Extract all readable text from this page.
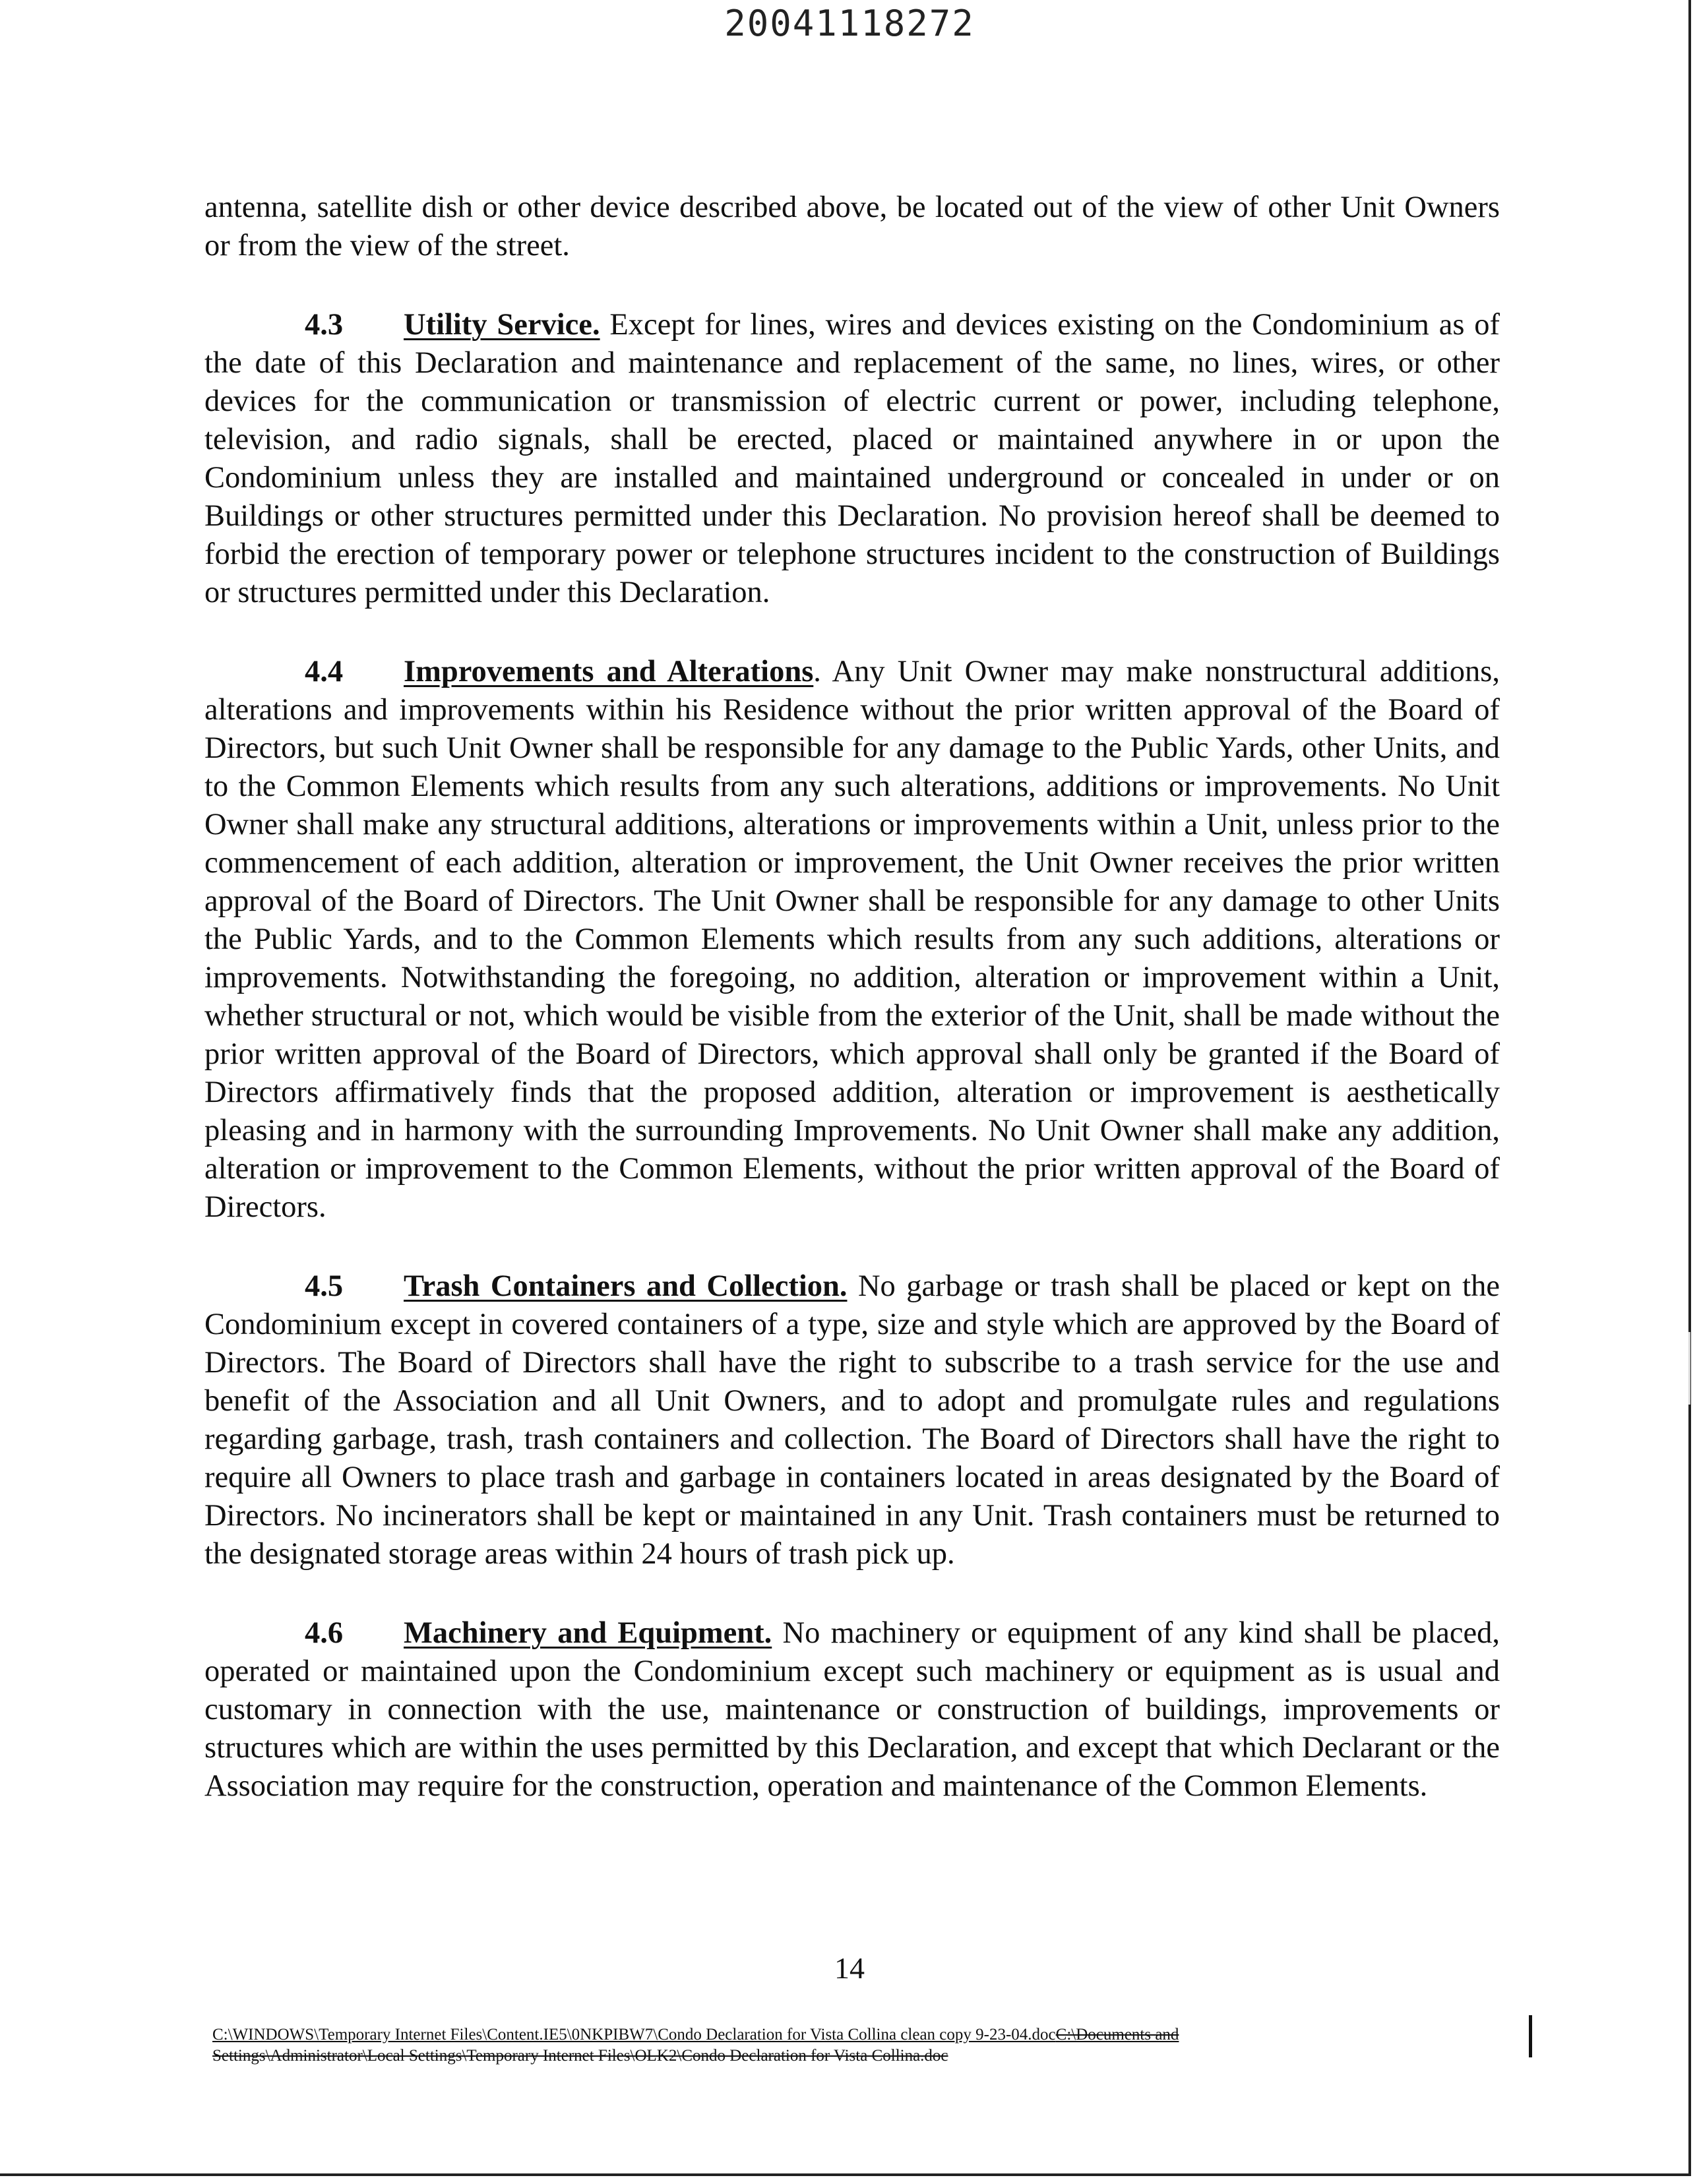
20041118272

antenna, satellite dish or other device described above, be located out of the view of other Unit Owners or from the view of the street.

4.3 Utility Service. Except for lines, wires and devices existing on the Condominium as of the date of this Declaration and maintenance and replacement of the same, no lines, wires, or other devices for the communication or transmission of electric current or power, including telephone, television, and radio signals, shall be erected, placed or maintained anywhere in or upon the Condominium unless they are installed and maintained underground or concealed in under or on Buildings or other structures permitted under this Declaration. No provision hereof shall be deemed to forbid the erection of temporary power or telephone structures incident to the construction of Buildings or structures permitted under this Declaration.

4.4 Improvements and Alterations. Any Unit Owner may make nonstructural additions, alterations and improvements within his Residence without the prior written approval of the Board of Directors, but such Unit Owner shall be responsible for any damage to the Public Yards, other Units, and to the Common Elements which results from any such alterations, additions or improvements. No Unit Owner shall make any structural additions, alterations or improvements within a Unit, unless prior to the commencement of each addition, alteration or improvement, the Unit Owner receives the prior written approval of the Board of Directors. The Unit Owner shall be responsible for any damage to other Units the Public Yards, and to the Common Elements which results from any such additions, alterations or improvements. Notwithstanding the foregoing, no addition, alteration or improvement within a Unit, whether structural or not, which would be visible from the exterior of the Unit, shall be made without the prior written approval of the Board of Directors, which approval shall only be granted if the Board of Directors affirmatively finds that the proposed addition, alteration or improvement is aesthetically pleasing and in harmony with the surrounding Improvements. No Unit Owner shall make any addition, alteration or improvement to the Common Elements, without the prior written approval of the Board of Directors.

4.5 Trash Containers and Collection. No garbage or trash shall be placed or kept on the Condominium except in covered containers of a type, size and style which are approved by the Board of Directors. The Board of Directors shall have the right to subscribe to a trash service for the use and benefit of the Association and all Unit Owners, and to adopt and promulgate rules and regulations regarding garbage, trash, trash containers and collection. The Board of Directors shall have the right to require all Owners to place trash and garbage in containers located in areas designated by the Board of Directors. No incinerators shall be kept or maintained in any Unit. Trash containers must be returned to the designated storage areas within 24 hours of trash pick up.

4.6 Machinery and Equipment. No machinery or equipment of any kind shall be placed, operated or maintained upon the Condominium except such machinery or equipment as is usual and customary in connection with the use, maintenance or construction of buildings, improvements or structures which are within the uses permitted by this Declaration, and except that which Declarant or the Association may require for the construction, operation and maintenance of the Common Elements.

14
C:\WINDOWS\Temporary Internet Files\Content.IE5\0NKPIBW7\Condo Declaration for Vista Collina clean copy 9-23-04.docC:\Documents and
Settings\Administrator\Local Settings\Temporary Internet Files\OLK2\Condo Declaration for Vista Collina.doc
